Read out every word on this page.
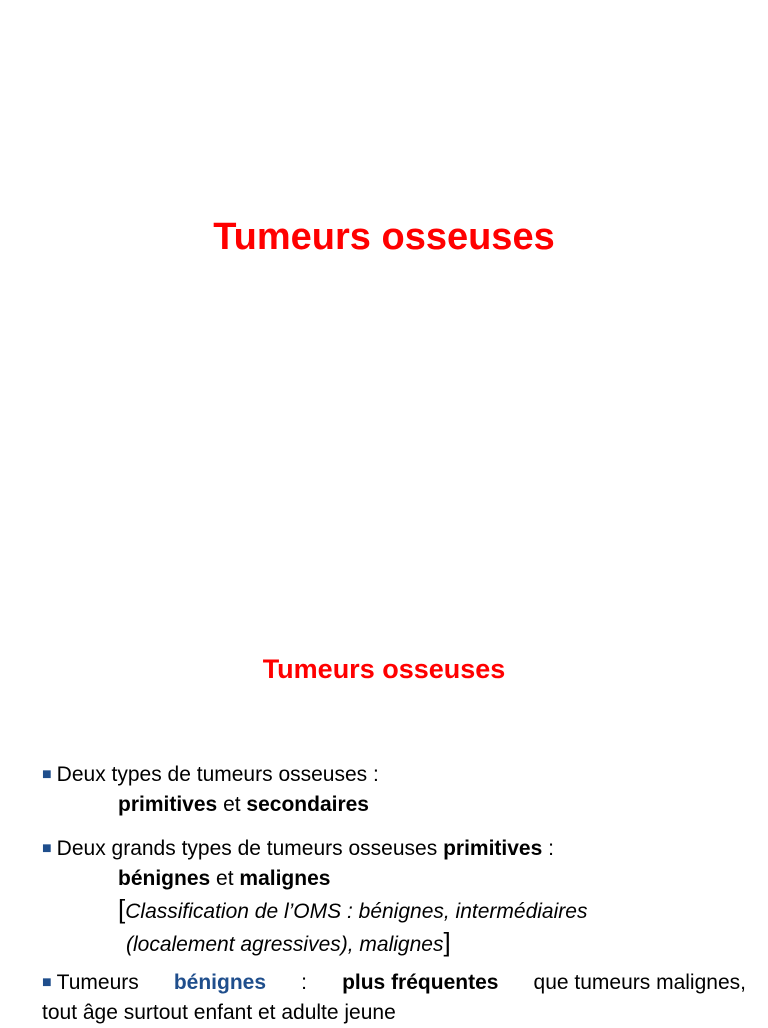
Tumeurs osseuses
Tumeurs osseuses
■ Deux types de tumeurs osseuses :
primitives et secondaires
■ Deux grands types de tumeurs osseuses primitives :
bénignes et malignes
[Classification de l’OMS : bénignes, intermédiaires
(localement agressives), malignes]
■ Tumeurs bénignes : plus fréquentes que tumeurs malignes,
tout âge surtout enfant et adulte jeune
